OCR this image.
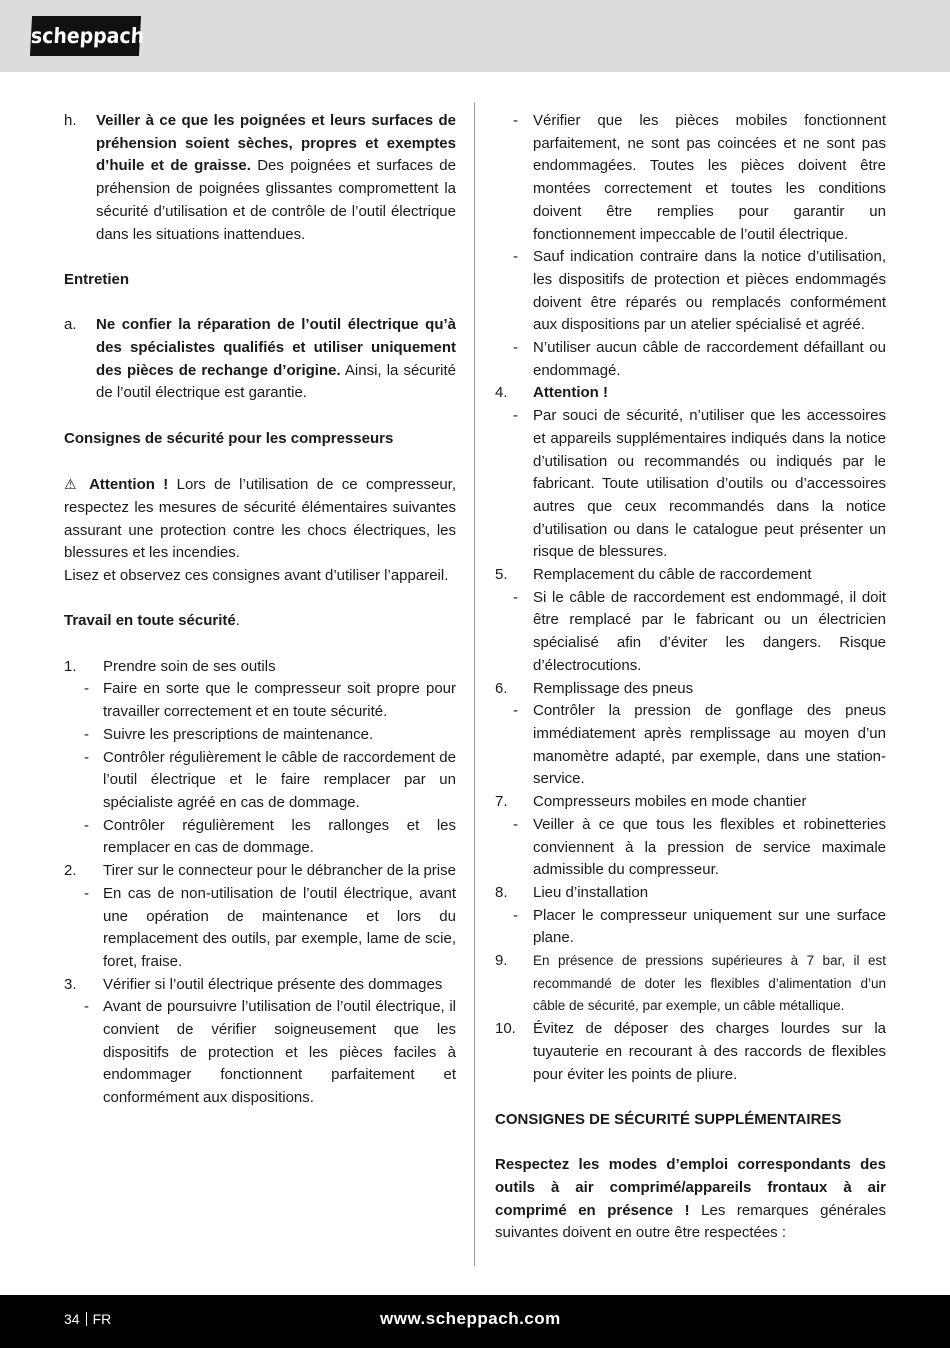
scheppach
h.	Veiller à ce que les poignées et leurs surfaces de préhension soient sèches, propres et exemptes d’huile et de graisse. Des poignées et surfaces de préhension de poignées glissantes compromettent la sécurité d’utilisation et de contrôle de l’outil électrique dans les situations inattendues.

Entretien

a.	Ne confier la réparation de l’outil électrique qu’à des spécialistes qualifiés et utiliser uniquement des pièces de rechange d’origine. Ainsi, la sécurité de l’outil électrique est garantie.

Consignes de sécurité pour les compresseurs

⚠ Attention ! Lors de l’utilisation de ce compresseur, respectez les mesures de sécurité élémentaires suivantes assurant une protection contre les chocs électriques, les blessures et les incendies.

Lisez et observez ces consignes avant d’utiliser l’appareil.

Travail en toute sécurité.

1.	Prendre soin de ses outils
- Faire en sorte que le compresseur soit propre pour travailler correctement et en toute sécurité.
- Suivre les prescriptions de maintenance.
- Contrôler régulièrement le câble de raccordement de l’outil électrique et le faire remplacer par un spécialiste agréé en cas de dommage.
- Contrôler régulièrement les rallonges et les remplacer en cas de dommage.
2.	Tirer sur le connecteur pour le débrancher de la prise
- En cas de non-utilisation de l’outil électrique, avant une opération de maintenance et lors du remplacement des outils, par exemple, lame de scie, foret, fraise.
3.	Vérifier si l’outil électrique présente des dommages
- Avant de poursuivre l’utilisation de l’outil électrique, il convient de vérifier soigneusement que les dispositifs de protection et les pièces faciles à endommager fonctionnent parfaitement et conformément aux dispositions.
-	Vérifier que les pièces mobiles fonctionnent parfaitement, ne sont pas coincées et ne sont pas endommagées. Toutes les pièces doivent être montées correctement et toutes les conditions doivent être remplies pour garantir un fonctionnement impeccable de l’outil électrique.
-	Sauf indication contraire dans la notice d’utilisation, les dispositifs de protection et pièces endommagés doivent être réparés ou remplacés conformément aux dispositions par un atelier spécialisé et agréé.
-	N’utiliser aucun câble de raccordement défaillant ou endommagé.
4.	Attention !
-	Par souci de sécurité, n’utiliser que les accessoires et appareils supplémentaires indiqués dans la notice d’utilisation ou recommandés ou indiqués par le fabricant. Toute utilisation d’outils ou d’accessoires autres que ceux recommandés dans la notice d’utilisation ou dans le catalogue peut présenter un risque de blessures.
5.	Remplacement du câble de raccordement
-	Si le câble de raccordement est endommagé, il doit être remplacé par le fabricant ou un électricien spécialisé afin d’éviter les dangers. Risque d’électrocutions.
6.	Remplissage des pneus
-	Contrôler la pression de gonflage des pneus immédiatement après remplissage au moyen d’un manomètre adapté, par exemple, dans une station-service.
7.	Compresseurs mobiles en mode chantier
-	Veiller à ce que tous les flexibles et robinetteries conviennent à la pression de service maximale admissible du compresseur.
8.	Lieu d’installation
-	Placer le compresseur uniquement sur une surface plane.
9.	En présence de pressions supérieures à 7 bar, il est recommandé de doter les flexibles d’alimentation d’un câble de sécurité, par exemple, un câble métallique.
10.	Évitez de déposer des charges lourdes sur la tuyauterie en recourant à des raccords de flexibles pour éviter les points de pliure.

CONSIGNES DE SÉCURITÉ SUPPLÉMENTAIRES

Respectez les modes d’emploi correspondants des outils à air comprimé/appareils frontaux à air comprimé en présence ! Les remarques générales suivantes doivent en outre être respectées :

34 FR	www.scheppach.com
